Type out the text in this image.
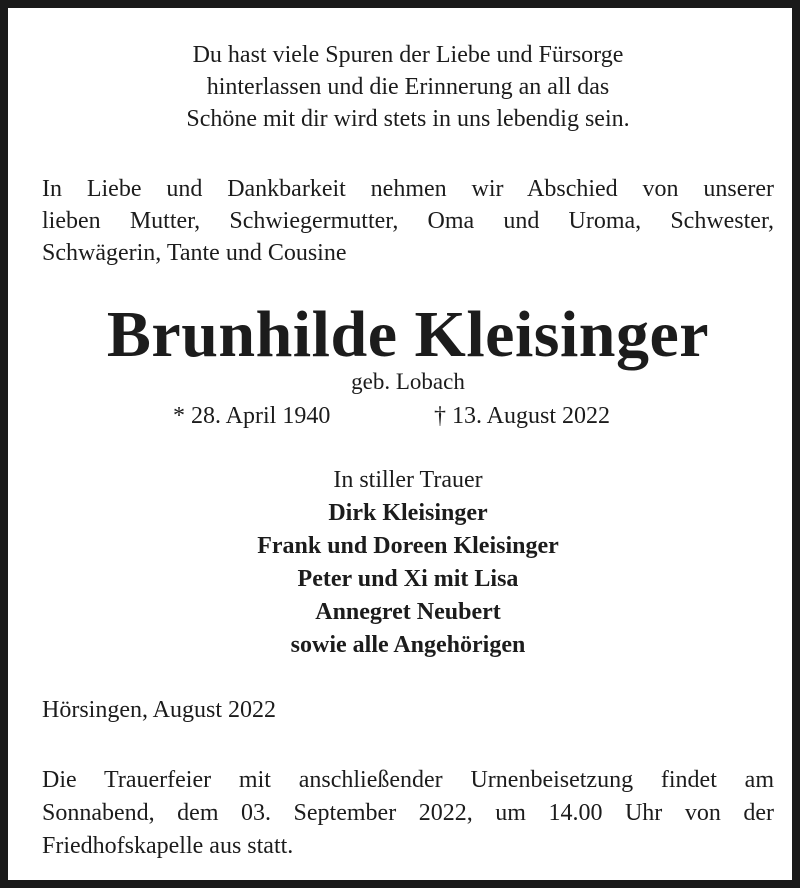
Du hast viele Spuren der Liebe und Fürsorge
hinterlassen und die Erinnerung an all das
Schöne mit dir wird stets in uns lebendig sein.
In Liebe und Dankbarkeit nehmen wir Abschied von unserer
lieben Mutter, Schwiegermutter, Oma und Uroma, Schwester,
Schwägerin, Tante und Cousine
Brunhilde Kleisinger
geb. Lobach
* 28. April 1940	† 13. August 2022
In stiller Trauer
Dirk Kleisinger
Frank und Doreen Kleisinger
Peter und Xi mit Lisa
Annegret Neubert
sowie alle Angehörigen
Hörsingen, August 2022
Die Trauerfeier mit anschließender Urnenbeisetzung findet am
Sonnabend, dem 03. September 2022, um 14.00 Uhr von der
Friedhofskapelle aus statt.
